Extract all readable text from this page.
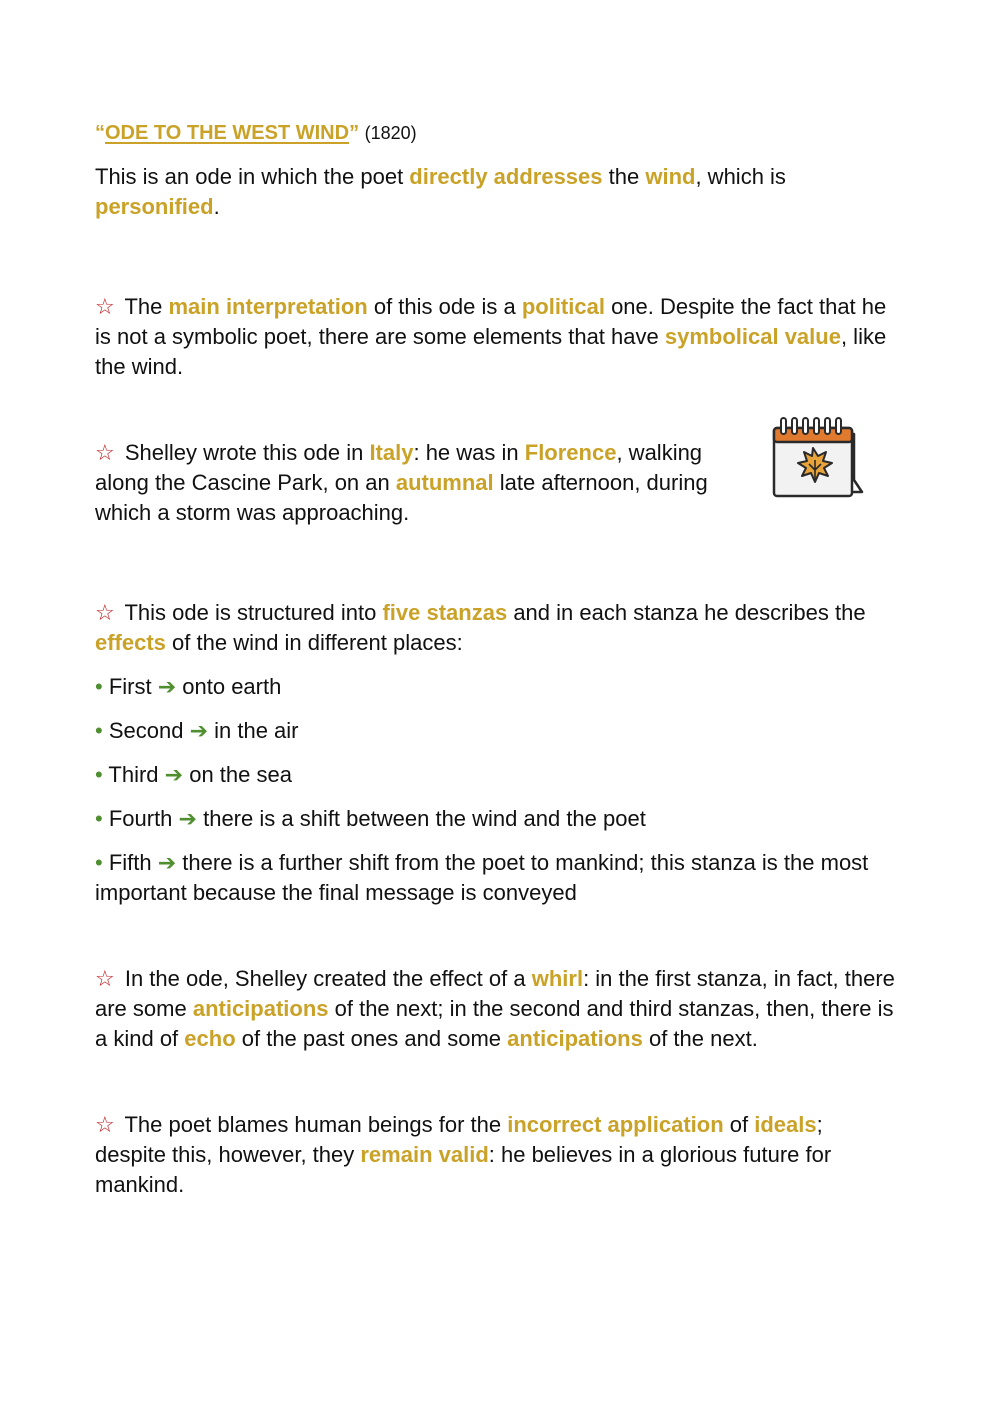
“ODE TO THE WEST WIND” (1820)

This is an ode in which the poet directly addresses the wind, which is personified.

☆ The main interpretation of this ode is a political one. Despite the fact that he is not a symbolic poet, there are some elements that have symbolical value, like the wind.

☆ Shelley wrote this ode in Italy: he was in Florence, walking along the Cascine Park, on an autumnal late afternoon, during which a storm was approaching.

☆ This ode is structured into five stanzas and in each stanza he describes the effects of the wind in different places:

• First ➔ onto earth

• Second ➔ in the air

• Third ➔ on the sea

• Fourth ➔ there is a shift between the wind and the poet

• Fifth ➔ there is a further shift from the poet to mankind; this stanza is the most important because the final message is conveyed

☆ In the ode, Shelley created the effect of a whirl: in the first stanza, in fact, there are some anticipations of the next; in the second and third stanzas, then, there is a kind of echo of the past ones and some anticipations of the next.

☆ The poet blames human beings for the incorrect application of ideals; despite this, however, they remain valid: he believes in a glorious future for mankind.
